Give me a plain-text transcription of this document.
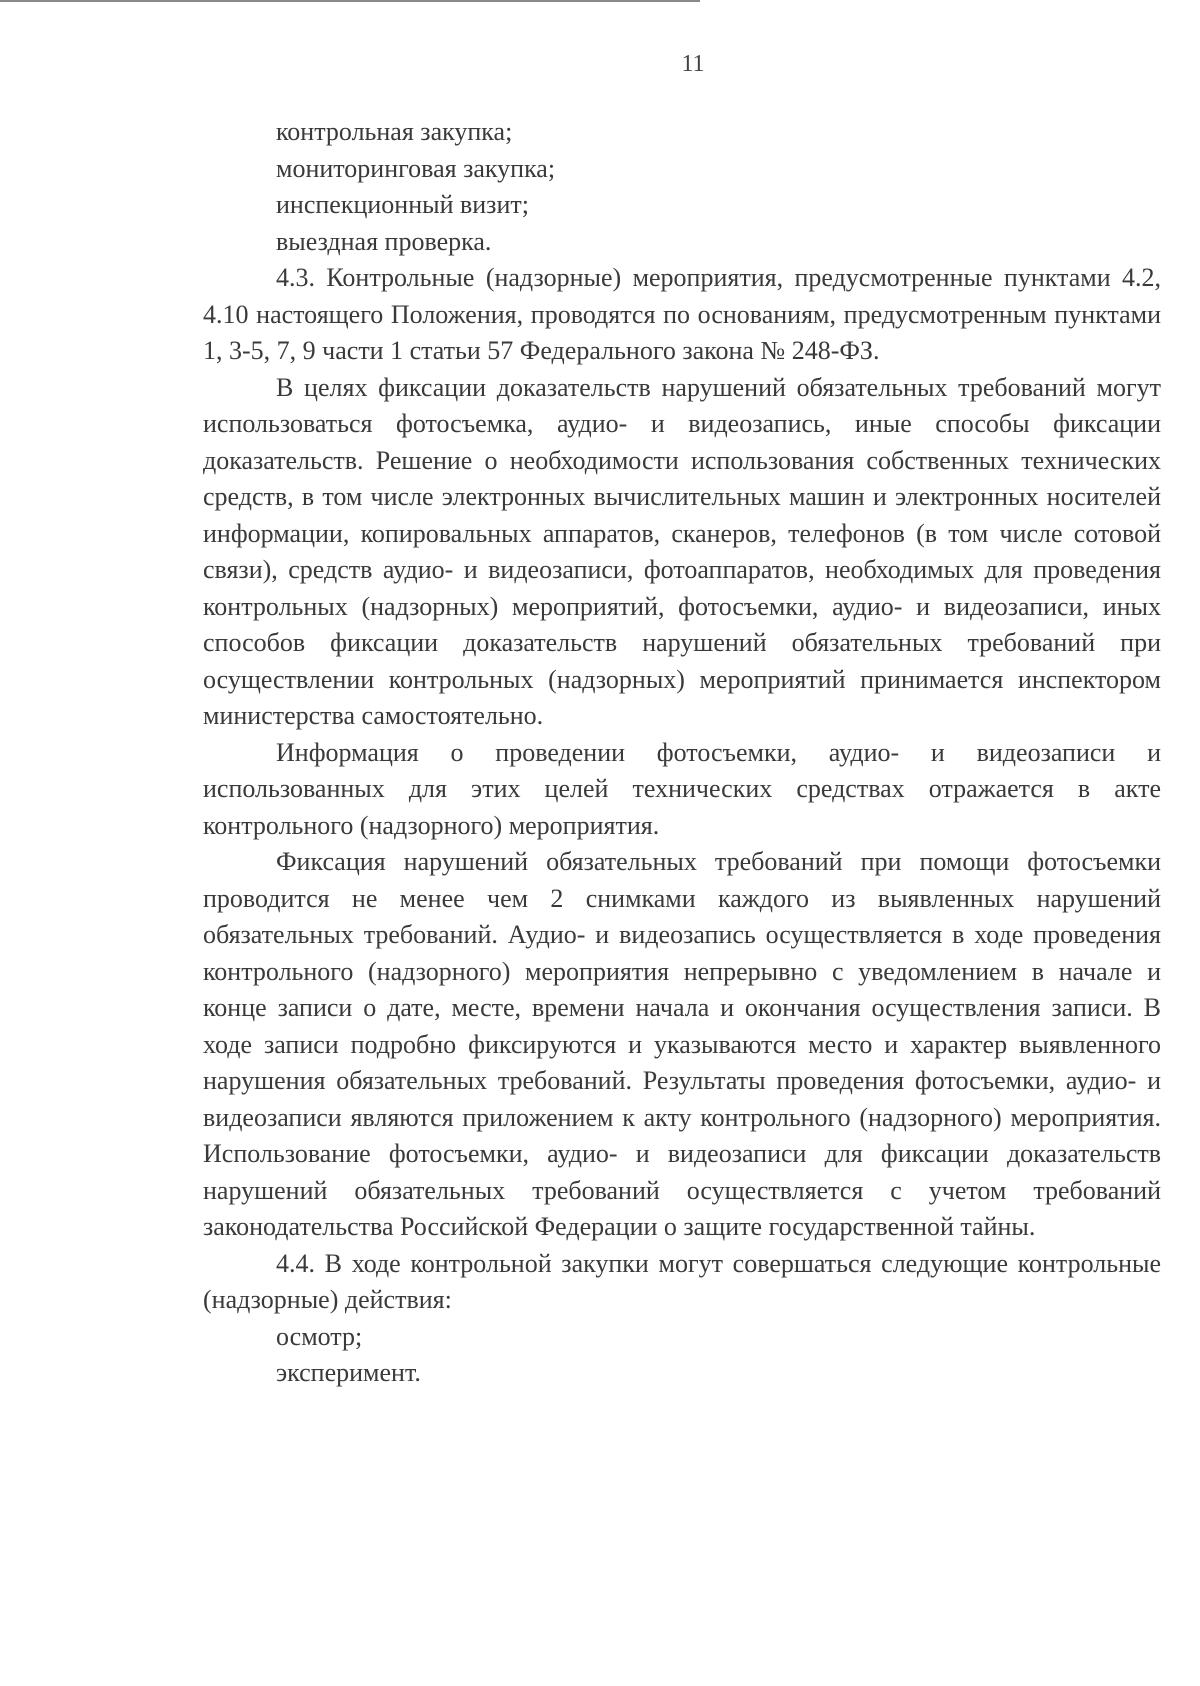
11

контрольная закупка;

мониторинговая закупка;

инспекционный визит;

выездная проверка.

4.3. Контрольные (надзорные) мероприятия, предусмотренные пунктами 4.2, 4.10 настоящего Положения, проводятся по основаниям, предусмотренным пунктами 1, 3-5, 7, 9 части 1 статьи 57 Федерального закона № 248-ФЗ.

В целях фиксации доказательств нарушений обязательных требований могут использоваться фотосъемка, аудио- и видеозапись, иные способы фиксации доказательств. Решение о необходимости использования собственных технических средств, в том числе электронных вычислительных машин и электронных носителей информации, копировальных аппаратов, сканеров, телефонов (в том числе сотовой связи), средств аудио- и видеозаписи, фотоаппаратов, необходимых для проведения контрольных (надзорных) мероприятий, фотосъемки, аудио- и видеозаписи, иных способов фиксации доказательств нарушений обязательных требований при осуществлении контрольных (надзорных) мероприятий принимается инспектором министерства самостоятельно.

Информация о проведении фотосъемки, аудио- и видеозаписи и использованных для этих целей технических средствах отражается в акте контрольного (надзорного) мероприятия.

Фиксация нарушений обязательных требований при помощи фотосъемки проводится не менее чем 2 снимками каждого из выявленных нарушений обязательных требований. Аудио- и видеозапись осуществляется в ходе проведения контрольного (надзорного) мероприятия непрерывно с уведомлением в начале и конце записи о дате, месте, времени начала и окончания осуществления записи. В ходе записи подробно фиксируются и указываются место и характер выявленного нарушения обязательных требований. Результаты проведения фотосъемки, аудио- и видеозаписи являются приложением к акту контрольного (надзорного) мероприятия. Использование фотосъемки, аудио- и видеозаписи для фиксации доказательств нарушений обязательных требований осуществляется с учетом требований законодательства Российской Федерации о защите государственной тайны.

4.4. В ходе контрольной закупки могут совершаться следующие контрольные (надзорные) действия:

осмотр;

эксперимент.
